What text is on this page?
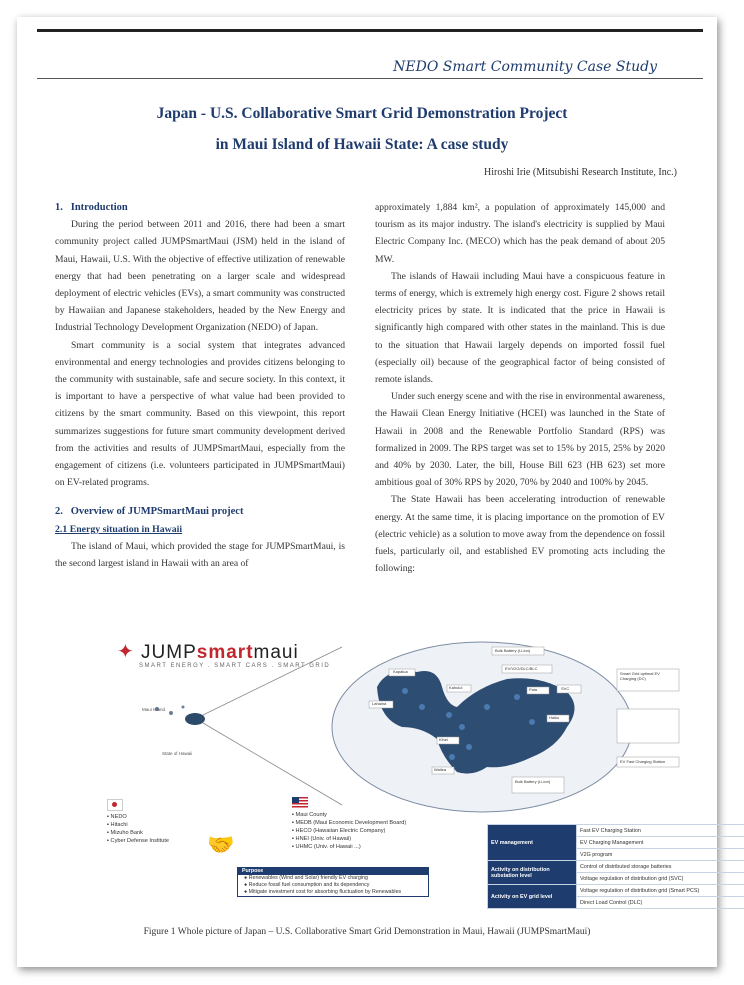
NEDO Smart Community Case Study
Japan - U.S. Collaborative Smart Grid Demonstration Project
in Maui Island of Hawaii State: A case study
Hiroshi Irie (Mitsubishi Research Institute, Inc.)

1.   Introduction

During the period between 2011 and 2016, there had been a smart community project called JUMPSmartMaui (JSM) held in the island of Maui, Hawaii, U.S. With the objective of effective utilization of renewable energy that had been penetrating on a larger scale and widespread deployment of electric vehicles (EVs), a smart community was constructed by Hawaiian and Japanese stakeholders, headed by the New Energy and Industrial Technology Development Organization (NEDO) of Japan.

Smart community is a social system that integrates advanced environmental and energy technologies and provides citizens belonging to the community with sustainable, safe and secure society. In this context, it is important to have a perspective of what value had been provided to citizens by the smart community. Based on this viewpoint, this report summarizes suggestions for future smart community development derived from the activities and results of JUMPSmartMaui, especially from the engagement of citizens (i.e. volunteers participated in JUMPSmartMaui) on EV-related programs.

2.   Overview of JUMPSmartMaui project

2.1 Energy situation in Hawaii

The island of Maui, which provided the stage for JUMPSmartMaui, is the second largest island in Hawaii with an area of

approximately 1,884 km², a population of approximately 145,000 and tourism as its major industry. The island's electricity is supplied by Maui Electric Company Inc. (MECO) which has the peak demand of about 205 MW.

The islands of Hawaii including Maui have a conspicuous feature in terms of energy, which is extremely high energy cost. Figure 2 shows retail electricity prices by state. It is indicated that the price in Hawaii is significantly high compared with other states in the mainland. This is due to the situation that Hawaii largely depends on imported fossil fuel (especially oil) because of the geographical factor of being consisted of remote islands.

Under such energy scene and with the rise in environmental awareness, the Hawaii Clean Energy Initiative (HCEI) was launched in the State of Hawaii in 2008 and the Renewable Portfolio Standard (RPS) was formalized in 2009. The RPS target was set to 15% by 2015, 25% by 2020 and 40% by 2030. Later, the bill, House Bill 623 (HB 623) set more ambitious goal of 30% RPS by 2020, 70% by 2040 and 100% by 2045.

The State Hawaii has been accelerating introduction of renewable energy. At the same time, it is placing importance on the promotion of EV (electric vehicle) as a solution to move away from the dependence on fossil fuels, particularly oil, and established EV promoting acts including the following:

✦ JUMPsmartmaui
SMART ENERGY . SMART CARS . SMART GRID
Maui Island
State of Hawaii
Kapalua
Lahaina
Kahului	Paia
Haiku
Kihei
Wailea
Bulk Battery (Li-ion)
EV/V2G/DLC/BLC
SVC
Smart Grid optimal EV Charging (DC)
Bulk Battery (Li-ion)
EV Fast Charging Station
▪ NEDO
▪ Hitachi
▪ Mizuho Bank
▪ Cyber Defense Institute	🤝
▪ Maui County
▪ MEDB (Maui Economic Development Board)
▪ HECO (Hawaiian Electric Company)
▪ HNEI (Univ. of Hawaii)
▪ UHMC (Univ. of Hawaii ...)
Purpose
● Renewables (Wind and Solar) friendly EV charging
● Reduce fossil fuel consumption and its dependency
● Mitigate investment cost for absorbing fluctuation by Renewables
EV management	Fast EV Charging Station
	EV Charging Management
	V2G program
Activity on distribution substation level	Control of distributed storage batteries
	Voltage regulation of distribution grid (SVC)
Activity on EV grid level	Voltage regulation of distribution grid (Smart PCS)
	Direct Load Control (DLC)
Figure 1 Whole picture of Japan – U.S. Collaborative Smart Grid Demonstration in Maui, Hawaii (JUMPSmartMaui)
